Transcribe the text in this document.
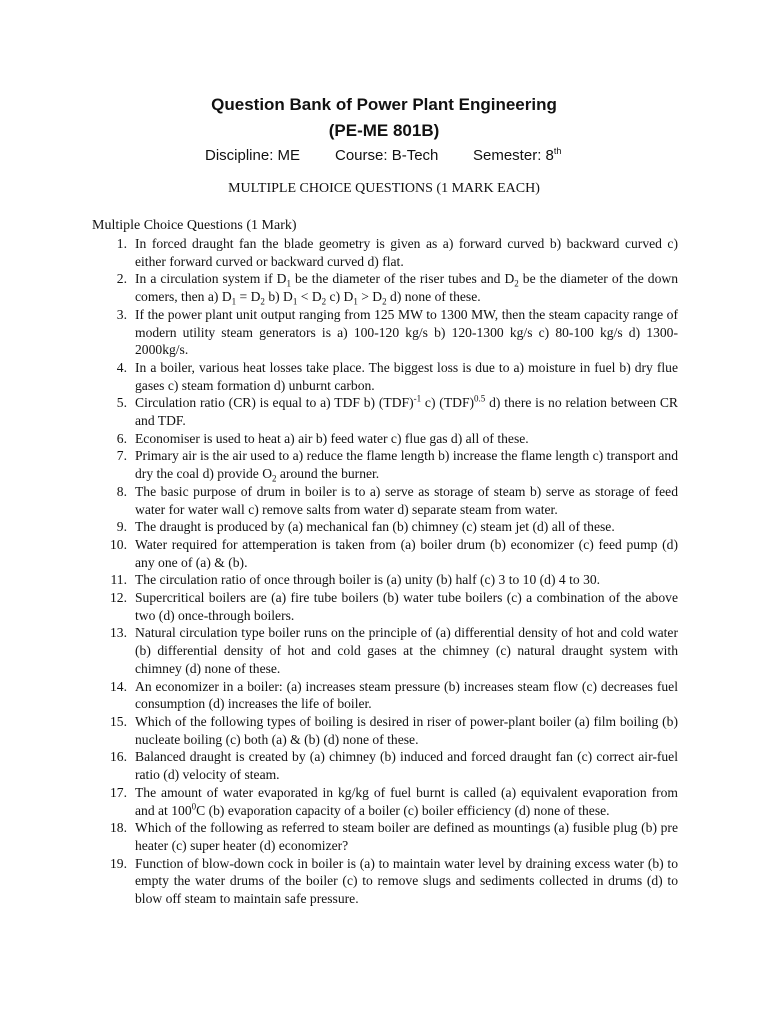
Question Bank of Power Plant Engineering
(PE-ME 801B)
Discipline: ME Course: B-Tech Semester: 8th
MULTIPLE CHOICE QUESTIONS (1 MARK EACH)
Multiple Choice Questions (1 Mark)
1. In forced draught fan the blade geometry is given as a) forward curved b) backward curved c) either forward curved or backward curved d) flat.
2. In a circulation system if $D_1$ be the diameter of the riser tubes and $D_2$ be the diameter of the down comers, then a) $D_1 = D_2$ b) $D_1 < D_2$ c) $D_1 > D_2$ d) none of these.
3. If the power plant unit output ranging from 125 MW to 1300 MW, then the steam capacity range of modern utility steam generators is a) 100-120 kg/s b) 120-1300 kg/s c) 80-100 kg/s d) 1300-2000kg/s.
4. In a boiler, various heat losses take place. The biggest loss is due to a) moisture in fuel b) dry flue gases c) steam formation d) unburnt carbon.
5. Circulation ratio (CR) is equal to a) TDF b) (TDF)$^{-1}$ c) (TDF)$^{0.5}$ d) there is no relation between CR and TDF.
6. Economiser is used to heat a) air b) feed water c) flue gas d) all of these.
7. Primary air is the air used to a) reduce the flame length b) increase the flame length c) transport and dry the coal d) provide $O_2$ around the burner.
8. The basic purpose of drum in boiler is to a) serve as storage of steam b) serve as storage of feed water for water wall c) remove salts from water d) separate steam from water.
9. The draught is produced by (a) mechanical fan (b) chimney (c) steam jet (d) all of these.
10. Water required for attemperation is taken from (a) boiler drum (b) economizer (c) feed pump (d) any one of (a) & (b).
11. The circulation ratio of once through boiler is (a) unity (b) half (c) 3 to 10 (d) 4 to 30.
12. Supercritical boilers are (a) fire tube boilers (b) water tube boilers (c) a combination of the above two (d) once-through boilers.
13. Natural circulation type boiler runs on the principle of (a) differential density of hot and cold water (b) differential density of hot and cold gases at the chimney (c) natural draught system with chimney (d) none of these.
14. An economizer in a boiler: (a) increases steam pressure (b) increases steam flow (c) decreases fuel consumption (d) increases the life of boiler.
15. Which of the following types of boiling is desired in riser of power-plant boiler (a) film boiling (b) nucleate boiling (c) both (a) & (b) (d) none of these.
16. Balanced draught is created by (a) chimney (b) induced and forced draught fan (c) correct air-fuel ratio (d) velocity of steam.
17. The amount of water evaporated in kg/kg of fuel burnt is called (a) equivalent evaporation from and at $100^0C$ (b) evaporation capacity of a boiler (c) boiler efficiency (d) none of these.
18. Which of the following as referred to steam boiler are defined as mountings (a) fusible plug (b) pre heater (c) super heater (d) economizer?
19. Function of blow-down cock in boiler is (a) to maintain water level by draining excess water (b) to empty the water drums of the boiler (c) to remove slugs and sediments collected in drums (d) to blow off steam to maintain safe pressure.
